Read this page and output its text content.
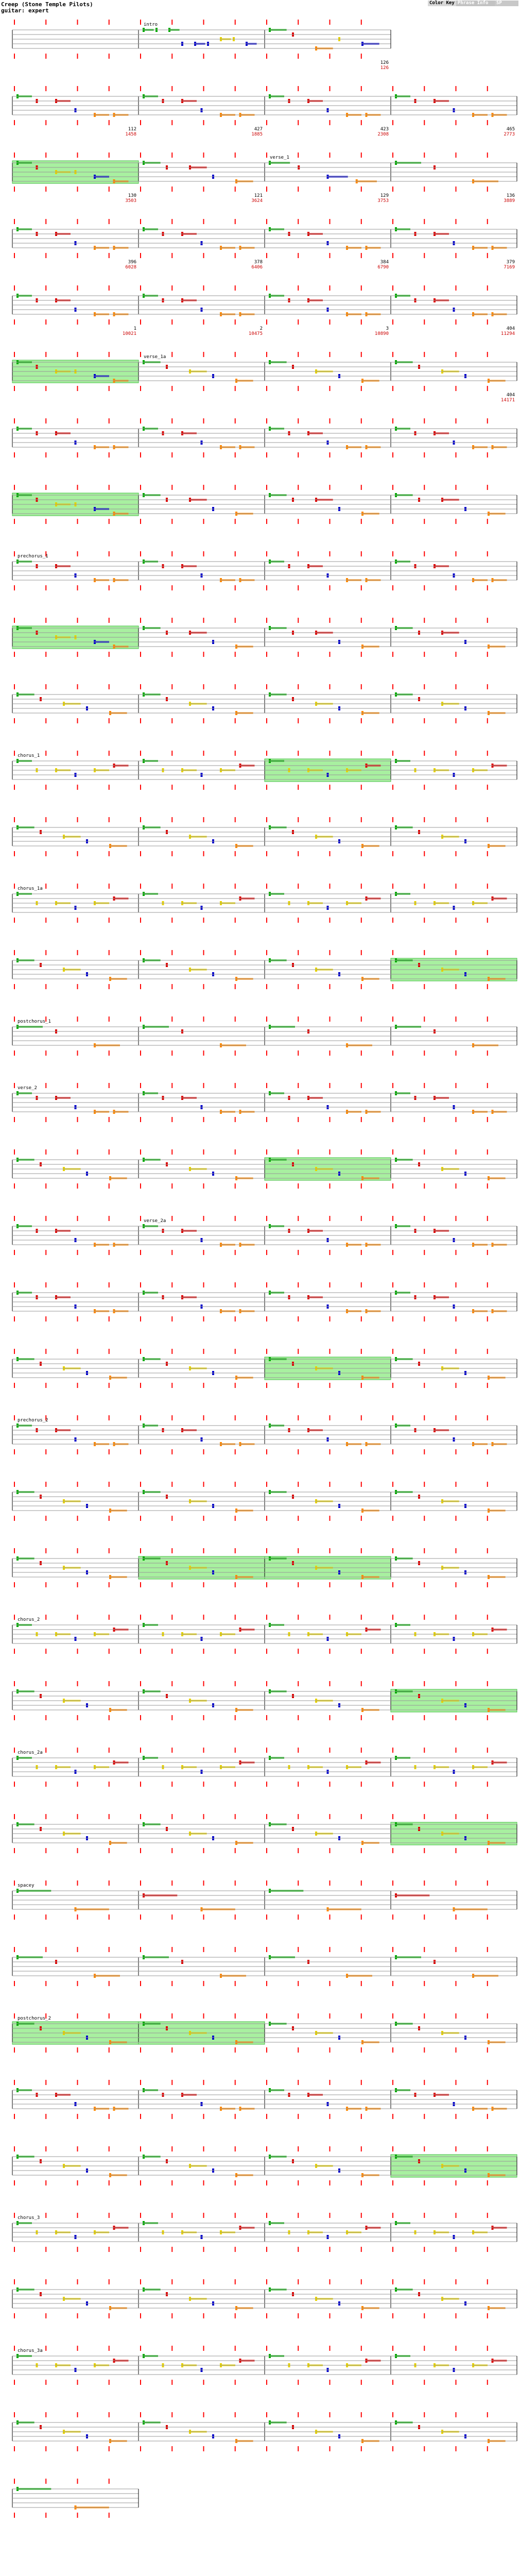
Creep (Stone Temple Pilots)
guitar: expert
Color Key Phrase Info	SP
intro
126
126
112
1458
427
1885
423
2308
465
2773
130
3503
121
3624
verse_1
129
3753
136
3889
396
6028
378
6406
384
6790
379
7169
1
10021
2
10475
3
10890
404
11294
verse_1a
404
14171
prechorus_1
chorus_1
chorus_1a
postchorus_1
verse_2
verse_2a
prechorus_2
chorus_2
chorus_2a
spacey
postchorus_2
chorus_3
chorus_3a
